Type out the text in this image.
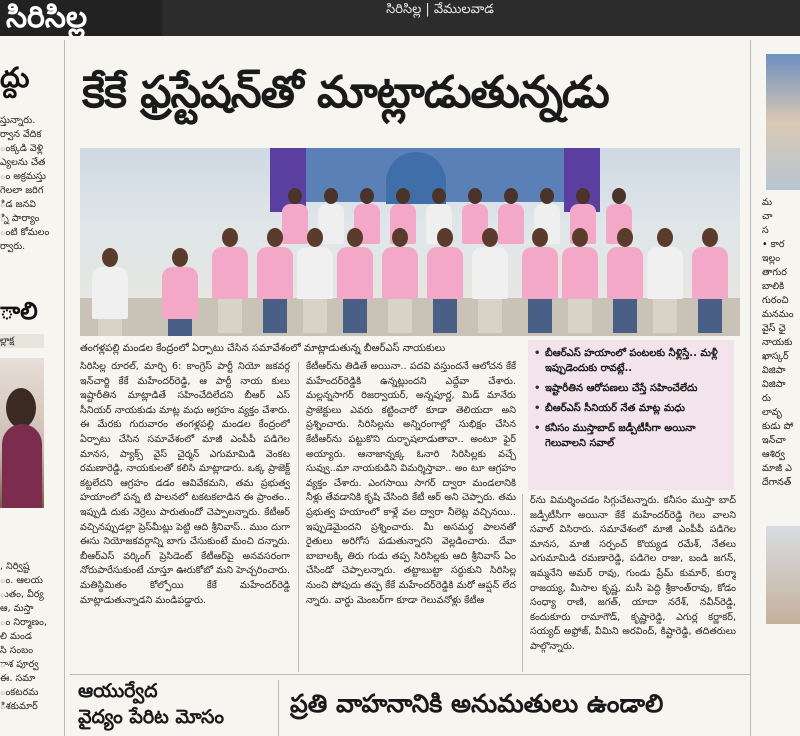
సిరిసిల్ల	సిరిసిల్ల | వేములవాడ
ద్దు
స్తున్నారు.
ర్వాన వేదిక
ంక్కడి వెళ్లి
ఎ్యలను చేత
ం అక్రమస్తు
గెలలా జరిగ
ిడ జనవి
్ని పార్యాం
ంటి కోమలం
ర్వారు.
ాలి
ల్లాక్ష
, నిర్విష్ట
ం. ఆలయ
ుతం, వీర్య
ఆ, మస్తా
ం నిర్మాణం,
లి మండ
సి సంబం
ాశ పూర్వ
ఈ. సమా
ంకటరమ
ిశకుమార్
కేకే ఫ్రస్టేషన్‌తో మాట్లాడుతున్నడు
తంగళ్లపల్లి మండల కేంద్రంలో ఏర్పాటు చేసిన సమావేశంలో మాట్లాడుతున్న బీఆర్ఎస్ నాయకులు
సిరిసిల్ల రూరల్, మార్చి 6: కాంగ్రెస్ పార్టీ నియో జకవర్గ ఇన్‌చార్జి కేకే మహేందర్‌రెడ్డి, ఆ పార్టీ నాయ కులు ఇష్టారీతిన మాట్లాడితే సహించేదిలేదని బీఆర్ ఎస్ సీనియర్ నాయకుడు మాట్ల మధు ఆగ్రహం వ్యక్తం చేశారు. ఈ మేరకు గురువారం తంగళ్లపల్లి మండల కేంద్రంలో ఏర్పాటు చేసిన సమావేశంలో మాజీ ఎంపీపీ పడిగెల మానస, ప్యాక్స్ వైస్ చైర్మన్ ఎగుమామిడి వెంకట రమణారెడ్డి, నాయకులతో కలిసి మాట్లాడారు. ఒక్క ప్రాజెక్ట్ కట్టలేదని ఆగ్రహం డడం ఆవివేకమని, తమ ప్రభుత్వ హయాంలో పన్న టి పాలనలో టకటకలాడిన ఈ ప్రాంతం.. ఇప్పుడి దుకు నెర్రెలు పారుతుందో చెప్పాలన్నారు. కేటీఆర్ వచ్చినప్పుడల్లా ప్రెస్‌మీట్లు పెట్టి ఆది శ్రీనివాస్.. ముం దుగా ఈసు నియోజకవర్గాన్ని బాగు చేసుకుంటే మంచి దన్నారు. బీఆర్ఎస్ వర్కింగ్ ప్రెసిడెంట్ కేటీఆర్‌పై అనవసరంగా నోరుపారేసుకుంటే చూస్తూ ఊరుకోబో మని హెచ్చరించారు. మతిస్థిమితం కోల్పోయి కేకే మహేందర్‌రెడ్డి మాట్లాడుతున్నాడని మండిపడ్డారు.
కేటీఆర్‌ను తిడితే అయినా.. పదవి వస్తుందనే ఆలోచన కేకే మహేందర్‌రెడ్డికి ఉన్నట్లుందని ఎద్దేవా చేశారు. మల్లన్నసాగర్ రిజర్వాయర్, అన్నపూర్ణ, మిడ్ మానేరు ప్రాజెక్టులు ఎవరు కట్టించారో కూడా తెలియదా అని ప్రశ్నించారు. సిరిసిల్లను అన్నిరంగాల్లో సుభిక్షం చేసిన కేటీఆర్‌ను పట్టుకొని దుర్భాషలాడుతావా.. అంటూ ఫైర్ అయ్యారు. ఆనాజాన్నక్క ఓనారి సిరిసిల్లకు వచ్చే సువ్వు..మా నాయకుడిని విమర్శిస్తావా.. అం టూ ఆగ్రహం వ్యక్తం చేశారు. ఎంగసాయి సాగర్ ద్వారా మండలానికి నీళ్లు తేవడానికి కృషి చేసింది కేటీ ఆర్ అని చెప్పారు. తమ ప్రభుత్వ హయాంలో కాళ్లే వల ద్వారా నీలెట్ల వచ్చినయి.. ఇప్పుడెమైందని ప్రశ్నించారు. మీ అసమర్థ పాలనతో రైతులు అరిగోస పడుతున్నారని వెల్లడించారు. దేవా బాబాలక్కి తిరు గుడు తప్ప సిరిసిల్లకు ఆది శ్రీనివాస్ ఏం చేసిండో చెప్పాలన్నారు. తట్టాబుట్టా సర్దుకుని సిరిసిల్ల నుంచి పోపుదు తప్ప కేకే మహేందర్‌రెడ్డికి మరో ఆప్షన్ లేద న్నారు. వార్డు మెంబర్‌గా కూడా గెలువనోళ్లు కేటీఆ
ర్‌ను విమర్శించడం సిగ్గుచేటన్నారు. కనీసం ముస్తా బాద్ జడ్పీటీసీగా అయినా కేకే మహేందర్‌రెడ్డి గెలు వాలని సవాల్ విసిరారు. సమావేశంలో మాజీ ఎంపీపీ పడిగెల మానస, మాజీ సర్పంచ్ కొయ్యడ రమేశ్, నేతలు ఎగుమామిడి రమణారెడ్డి, పడిగెల రాజు, బండి జగన్, ఇమ్మనేని అమర్ రావు, గుండు ప్రేమ్ కుమార్, కుర్మా రాజయ్య, మీసాల కృష్ణ, మసీ పెద్ది శ్రీకాంత్‌రావు, కోడం సంధ్యా రాణి, జగత్, యాదా నరేశ్, నవీన్‌రెడ్డి, కందుకూరు రామాగౌడ్, కృష్ణారెడ్డి, ఎగుర్ల కర్ణాకర్, సయ్యద్ అఫ్రోజ్, వీమిని అరవింద్, కిష్టారెడ్డి, తదితరులు పాల్గొన్నారు.
• బీఆర్ఎస్ హయాంలో పంటలకు నీళ్లిస్తే.. మళ్లీ ఇప్పుడెందుకు రావట్లే..
• ఇష్టారీతిన ఆరోపణలు చేస్తే సహించేలేదు
• బీఆర్ఎస్ సీనియర్ నేత మాట్ల మధు
• కనీసం ముస్తాబాద్ జడ్పీటీసీగా అయినా గెలువాలని సవాల్
మ
చా
స
• కార
ఇల్లం
తాగుర
బాలికి
గురంచి
మనమం
వైస్ ఛై
నాయకు
ఖాస్కర్
విజిపా
విజిపా
రు
లావృ
కుడు పో
ఇన్‌చా
ఆశిర్వ
మాజీ ఎ
దేగానత్
ఆయుర్వేద
వైద్యం పేరిట మోసం	ప్రతి వాహనానికి అనుమతులు ఉండాలి
